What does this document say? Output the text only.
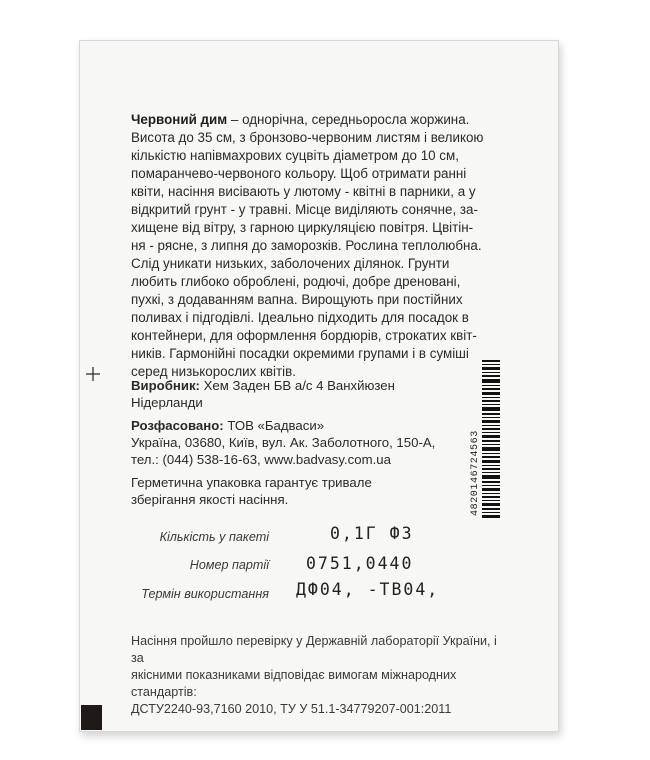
Червоний дим – однорічна, середньоросла жоржина.
Висота до 35 см, з бронзово-червоним листям і великою
кількістю напівмахрових суцвіть діаметром до 10 см,
помаранчево-червоного кольору. Щоб отримати ранні
квіти, насіння висівають у лютому - квітні в парники, а у
відкритий грунт - у травні. Місце виділяють сонячне, за-
хищене від вітру, з гарною циркуляцією повітря. Цвітін-
ня - рясне, з липня до заморозків. Рослина теплолюбна.
Слід уникати низьких, заболочених ділянок. Грунти
любить глибоко оброблені, родючі, добре дреновані,
пухкі, з додаванням вапна. Вирощують при постійних
поливах і підгодівлі. Ідеально підходить для посадок в
контейнери, для оформлення бордюрів, строкатих квіт-
ників. Гармонійні посадки окремими групами і в суміші
серед низькорослих квітів.
Виробник: Хем Заден БВ а/с 4 Ванхйюзен
Нідерланди
Розфасовано: ТОВ «Бадваси»
Україна, 03680, Київ, вул. Ак. Заболотного, 150-А,
тел.: (044) 538-16-63, www.badvasy.com.ua
Герметична упаковка гарантує тривале
зберігання якості насіння.	4820146724563
Кількість у пакеті	0,1Г Ф3
Номер партії 0751,0440
Термін використання ДФ04, -ТВ04,
Насіння пройшло перевірку у Державній лабораторії України, і за
якісними показниками відповідає вимогам міжнародних стандартів:
ДСТУ2240-93,7160 2010, ТУ У 51.1-34779207-001:2011
